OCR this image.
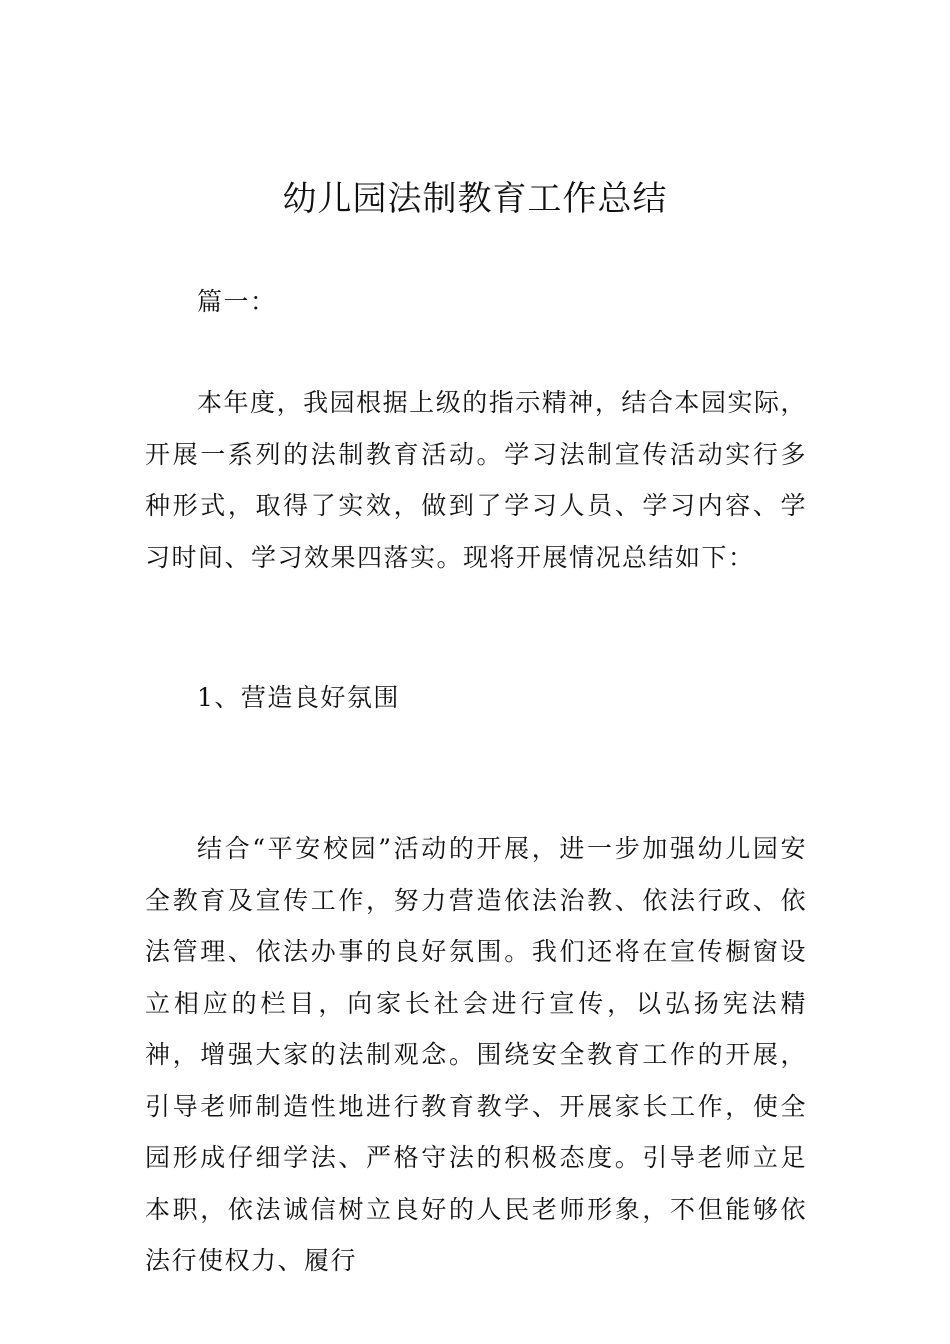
幼儿园法制教育工作总结

篇一：

本年度，我园根据上级的指示精神，结合本园实际，开展一系列的法制教育活动。学习法制宣传活动实行多种形式，取得了实效，做到了学习人员、学习内容、学习时间、学习效果四落实。现将开展情况总结如下：

1、营造良好氛围

结合“平安校园”活动的开展，进一步加强幼儿园安全教育及宣传工作，努力营造依法治教、依法行政、依法管理、依法办事的良好氛围。我们还将在宣传橱窗设立相应的栏目，向家长社会进行宣传，以弘扬宪法精神，增强大家的法制观念。围绕安全教育工作的开展，引导老师制造性地进行教育教学、开展家长工作，使全园形成仔细学法、严格守法的积极态度。引导老师立足本职，依法诚信树立良好的人民老师形象，不但能够依法行使权力、履行
